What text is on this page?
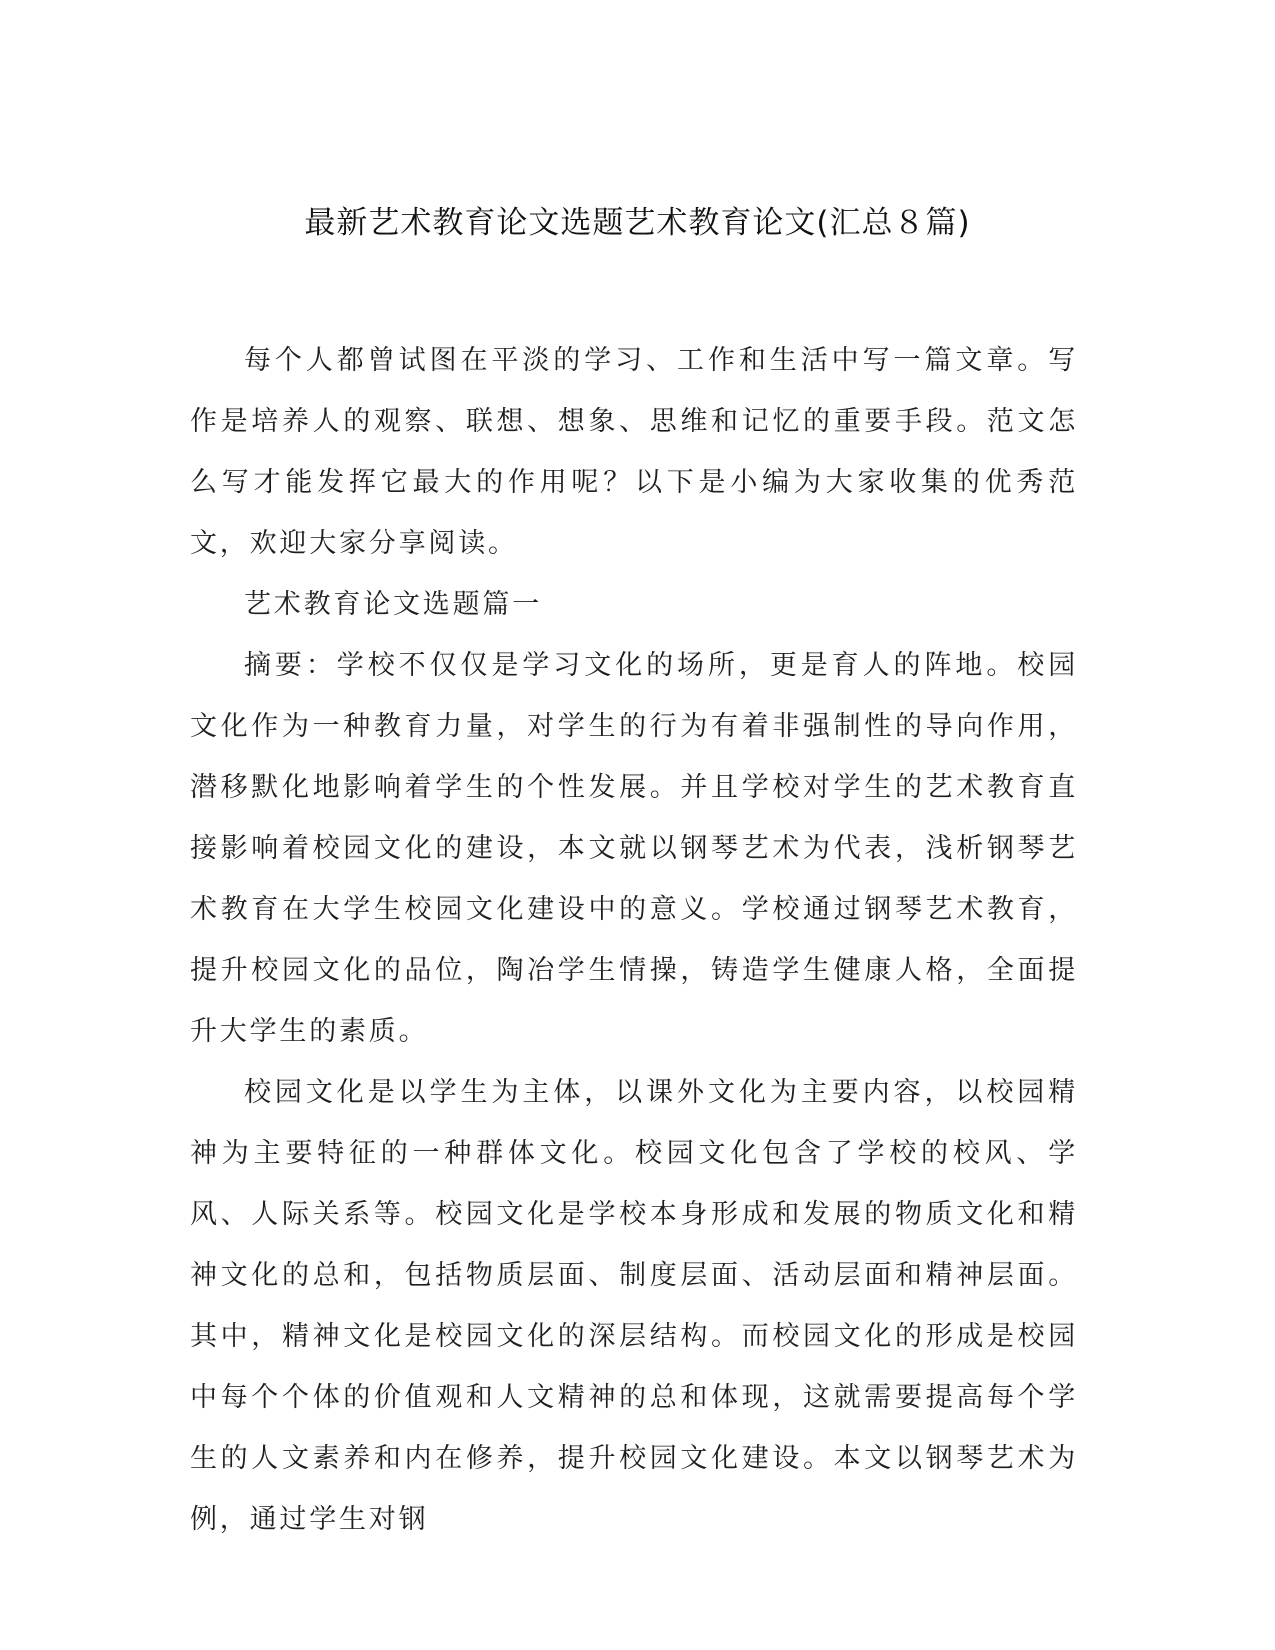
最新艺术教育论文选题艺术教育论文(汇总８篇)

每个人都曾试图在平淡的学习、工作和生活中写一篇文章。写作是培养人的观察、联想、想象、思维和记忆的重要手段。范文怎么写才能发挥它最大的作用呢？以下是小编为大家收集的优秀范文，欢迎大家分享阅读。

艺术教育论文选题篇一

摘要：学校不仅仅是学习文化的场所，更是育人的阵地。校园文化作为一种教育力量，对学生的行为有着非强制性的导向作用，潜移默化地影响着学生的个性发展。并且学校对学生的艺术教育直接影响着校园文化的建设，本文就以钢琴艺术为代表，浅析钢琴艺术教育在大学生校园文化建设中的意义。学校通过钢琴艺术教育，提升校园文化的品位，陶冶学生情操，铸造学生健康人格，全面提升大学生的素质。

校园文化是以学生为主体，以课外文化为主要内容，以校园精神为主要特征的一种群体文化。校园文化包含了学校的校风、学风、人际关系等。校园文化是学校本身形成和发展的物质文化和精神文化的总和，包括物质层面、制度层面、活动层面和精神层面。其中，精神文化是校园文化的深层结构。而校园文化的形成是校园中每个个体的价值观和人文精神的总和体现，这就需要提高每个学生的人文素养和内在修养，提升校园文化建设。本文以钢琴艺术为例，通过学生对钢
